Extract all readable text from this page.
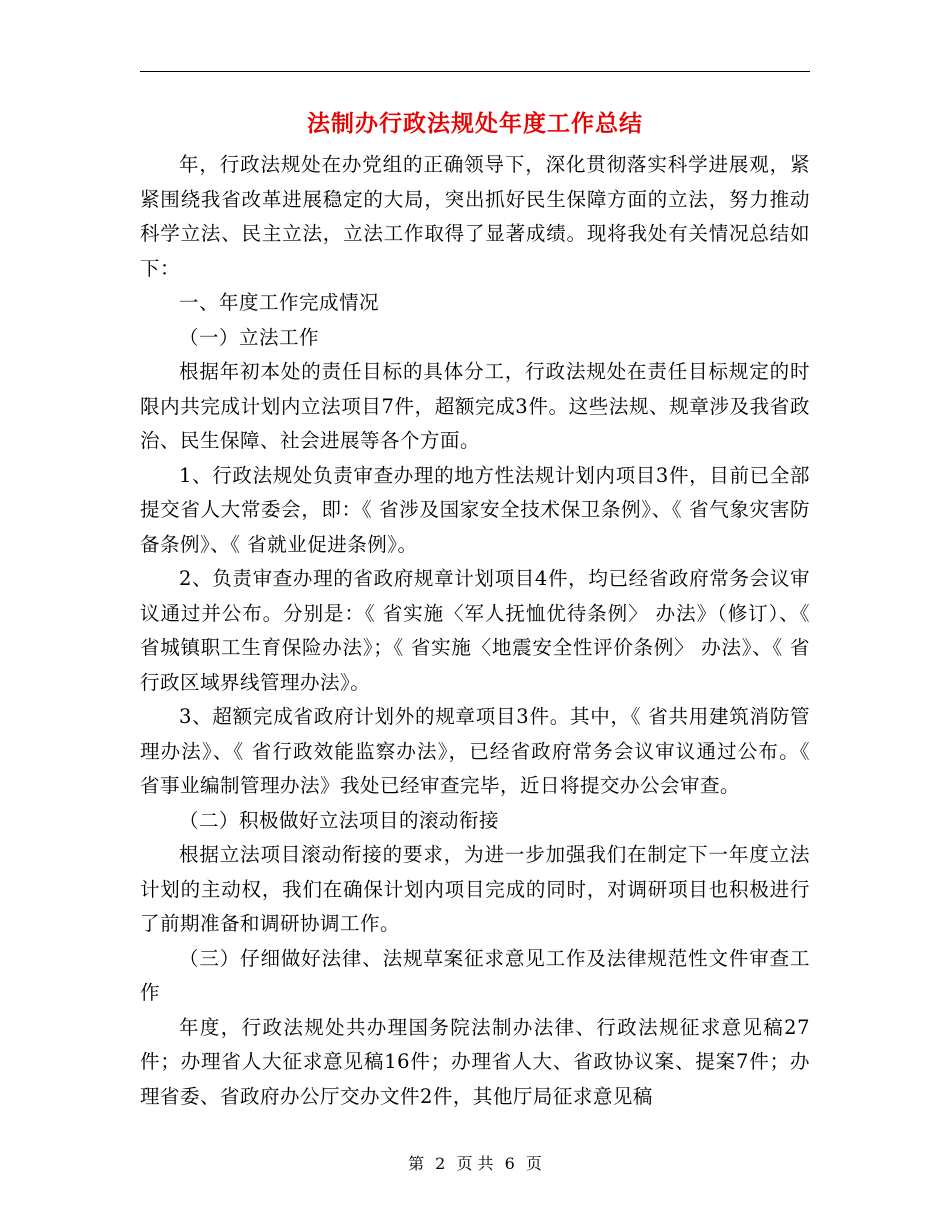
法制办行政法规处年度工作总结

年，行政法规处在办党组的正确领导下，深化贯彻落实科学进展观，紧紧围绕我省改革进展稳定的大局，突出抓好民生保障方面的立法，努力推动科学立法、民主立法，立法工作取得了显著成绩。现将我处有关情况总结如下：

一、年度工作完成情况

（一）立法工作

根据年初本处的责任目标的具体分工，行政法规处在责任目标规定的时限内共完成计划内立法项目7件，超额完成3件。这些法规、规章涉及我省政治、民生保障、社会进展等各个方面。

1、行政法规处负责审查办理的地方性法规计划内项目3件，目前已全部提交省人大常委会，即：《 省涉及国家安全技术保卫条例》、《 省气象灾害防备条例》、《 省就业促进条例》。

2、负责审查办理的省政府规章计划项目4件，均已经省政府常务会议审议通过并公布。分别是：《 省实施〈军人抚恤优待条例〉 办法》（修订）、《 省城镇职工生育保险办法》；《 省实施〈地震安全性评价条例〉 办法》、《 省行政区域界线管理办法》。

3、超额完成省政府计划外的规章项目3件。其中，《 省共用建筑消防管理办法》、《 省行政效能监察办法》，已经省政府常务会议审议通过公布。《 省事业编制管理办法》我处已经审查完毕，近日将提交办公会审查。

（二）积极做好立法项目的滚动衔接

根据立法项目滚动衔接的要求，为进一步加强我们在制定下一年度立法计划的主动权，我们在确保计划内项目完成的同时，对调研项目也积极进行了前期准备和调研协调工作。

（三）仔细做好法律、法规草案征求意见工作及法律规范性文件审查工作

年度，行政法规处共办理国务院法制办法律、行政法规征求意见稿27件；办理省人大征求意见稿16件；办理省人大、省政协议案、提案7件；办理省委、省政府办公厅交办文件2件，其他厅局征求意见稿

第 2 页 共 6 页
